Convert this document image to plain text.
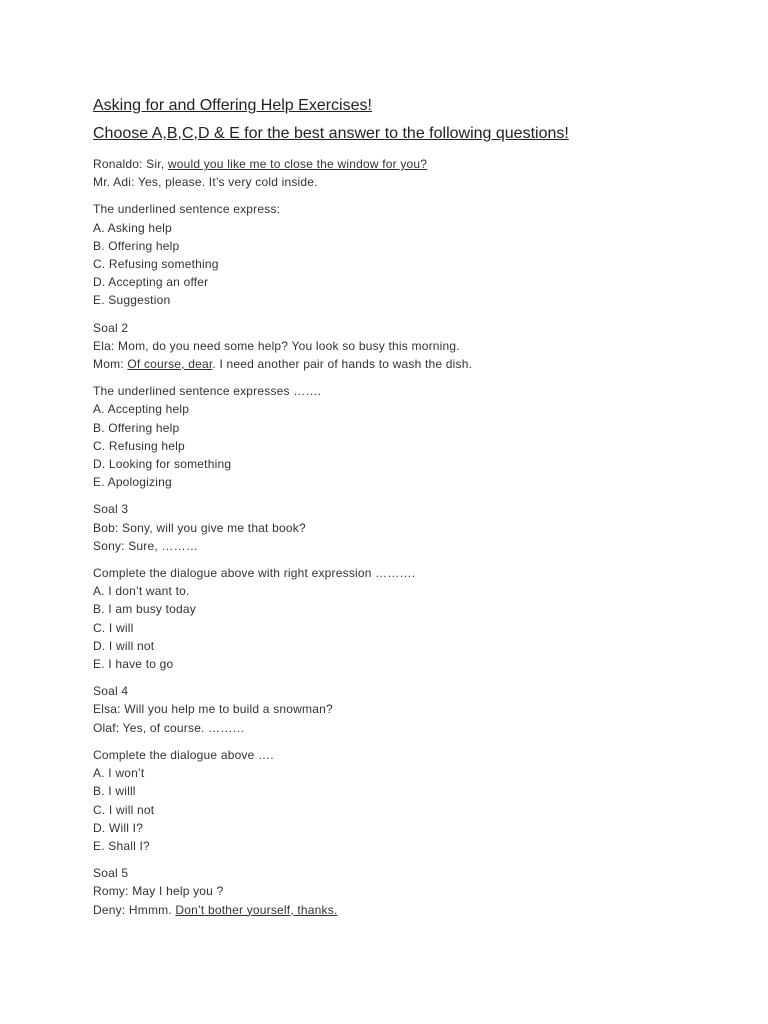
Asking for and Offering Help Exercises!
Choose A,B,C,D & E for the best answer to the following questions!
Ronaldo: Sir, would you like me to close the window for you?
Mr. Adi: Yes, please. It’s very cold inside.
The underlined sentence express:
A. Asking help
B. Offering help
C. Refusing something
D. Accepting an offer
E. Suggestion
Soal 2
Ela: Mom, do you need some help? You look so busy this morning.
Mom: Of course, dear. I need another pair of hands to wash the dish.
The underlined sentence expresses …….
A. Accepting help
B. Offering help
C. Refusing help
D. Looking for something
E. Apologizing
Soal 3
Bob: Sony, will you give me that book?
Sony: Sure, ………
Complete the dialogue above with right expression ……….
A. I don’t want to.
B. I am busy today
C. I will
D. I will not
E. I have to go
Soal 4
Elsa: Will you help me to build a snowman?
Olaf: Yes, of course. ………
Complete the dialogue above ….
A. I won’t
B. I willl
C. I will not
D. Will I?
E. Shall I?
Soal 5
Romy: May I help you ?
Deny: Hmmm. Don’t bother yourself, thanks.
